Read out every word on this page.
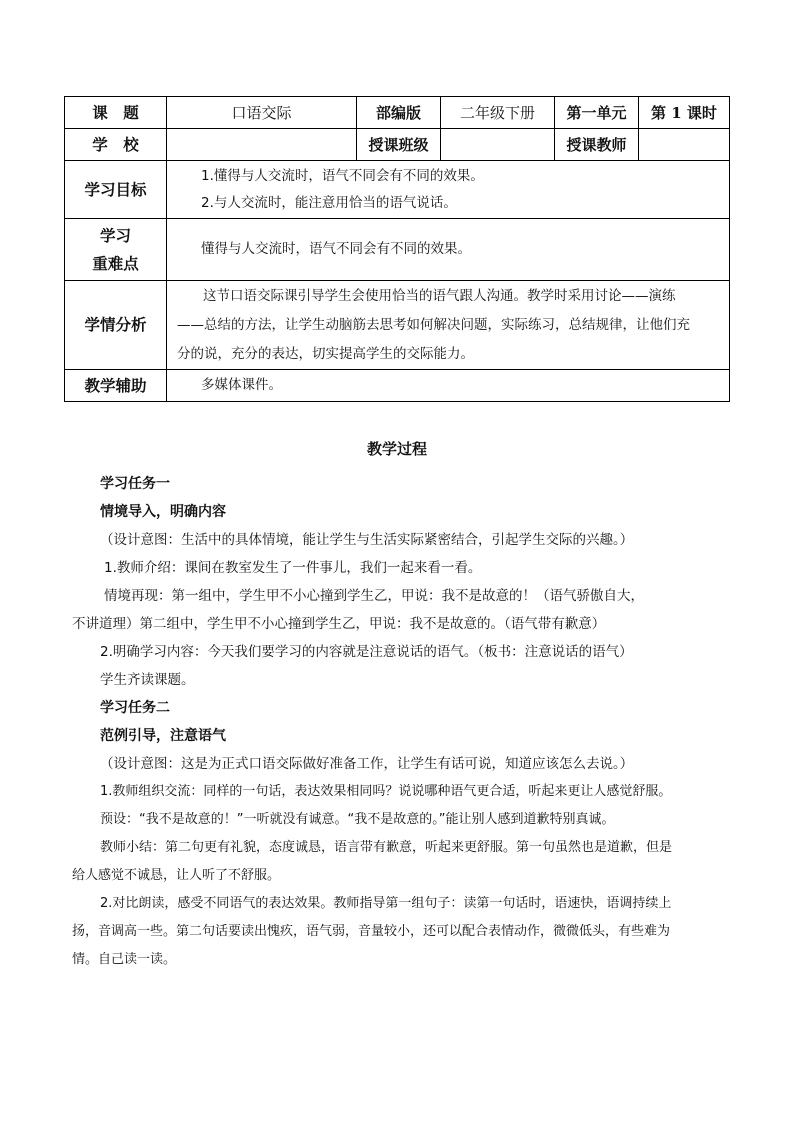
课　题	口语交际	部编版	二年级下册	第一单元	第 1 课时
学　校		授课班级		授课教师	
学习目标	1.懂得与人交流时，语气不同会有不同的效果。
2.与人交流时，能注意用恰当的语气说话。				

学习
重难点	懂得与人交流时，语气不同会有不同的效果。				

学情分析	这节口语交际课引导学生会使用恰当的语气跟人沟通。教学时采用讨论——演练
——总结的方法，让学生动脑筋去思考如何解决问题，实际练习，总结规律，让他们充
分的说，充分的表达，切实提高学生的交际能力。				

教学辅助	多媒体课件。				
教学过程
学习任务一
情境导入，明确内容
（设计意图：生活中的具体情境，能让学生与生活实际紧密结合，引起学生交际的兴趣。）
1.教师介绍：课间在教室发生了一件事儿，我们一起来看一看。
情境再现：第一组中，学生甲不小心撞到学生乙，甲说：我不是故意的！（语气骄傲自大，
不讲道理）第二组中，学生甲不小心撞到学生乙，甲说：我不是故意的。（语气带有歉意）
2.明确学习内容：今天我们要学习的内容就是注意说话的语气。（板书：注意说话的语气）
学生齐读课题。
学习任务二
范例引导，注意语气
（设计意图：这是为正式口语交际做好准备工作，让学生有话可说，知道应该怎么去说。）
1.教师组织交流：同样的一句话，表达效果相同吗？说说哪种语气更合适，听起来更让人感觉舒服。
预设：“我不是故意的！”一听就没有诚意。“我不是故意的。”能让别人感到道歉特别真诚。
教师小结：第二句更有礼貌，态度诚恳，语言带有歉意，听起来更舒服。第一句虽然也是道歉，但是
给人感觉不诚恳，让人听了不舒服。
2.对比朗读，感受不同语气的表达效果。教师指导第一组句子：读第一句话时，语速快，语调持续上
扬，音调高一些。第二句话要读出愧疚，语气弱，音量较小，还可以配合表情动作，微微低头，有些难为
情。自己读一读。
